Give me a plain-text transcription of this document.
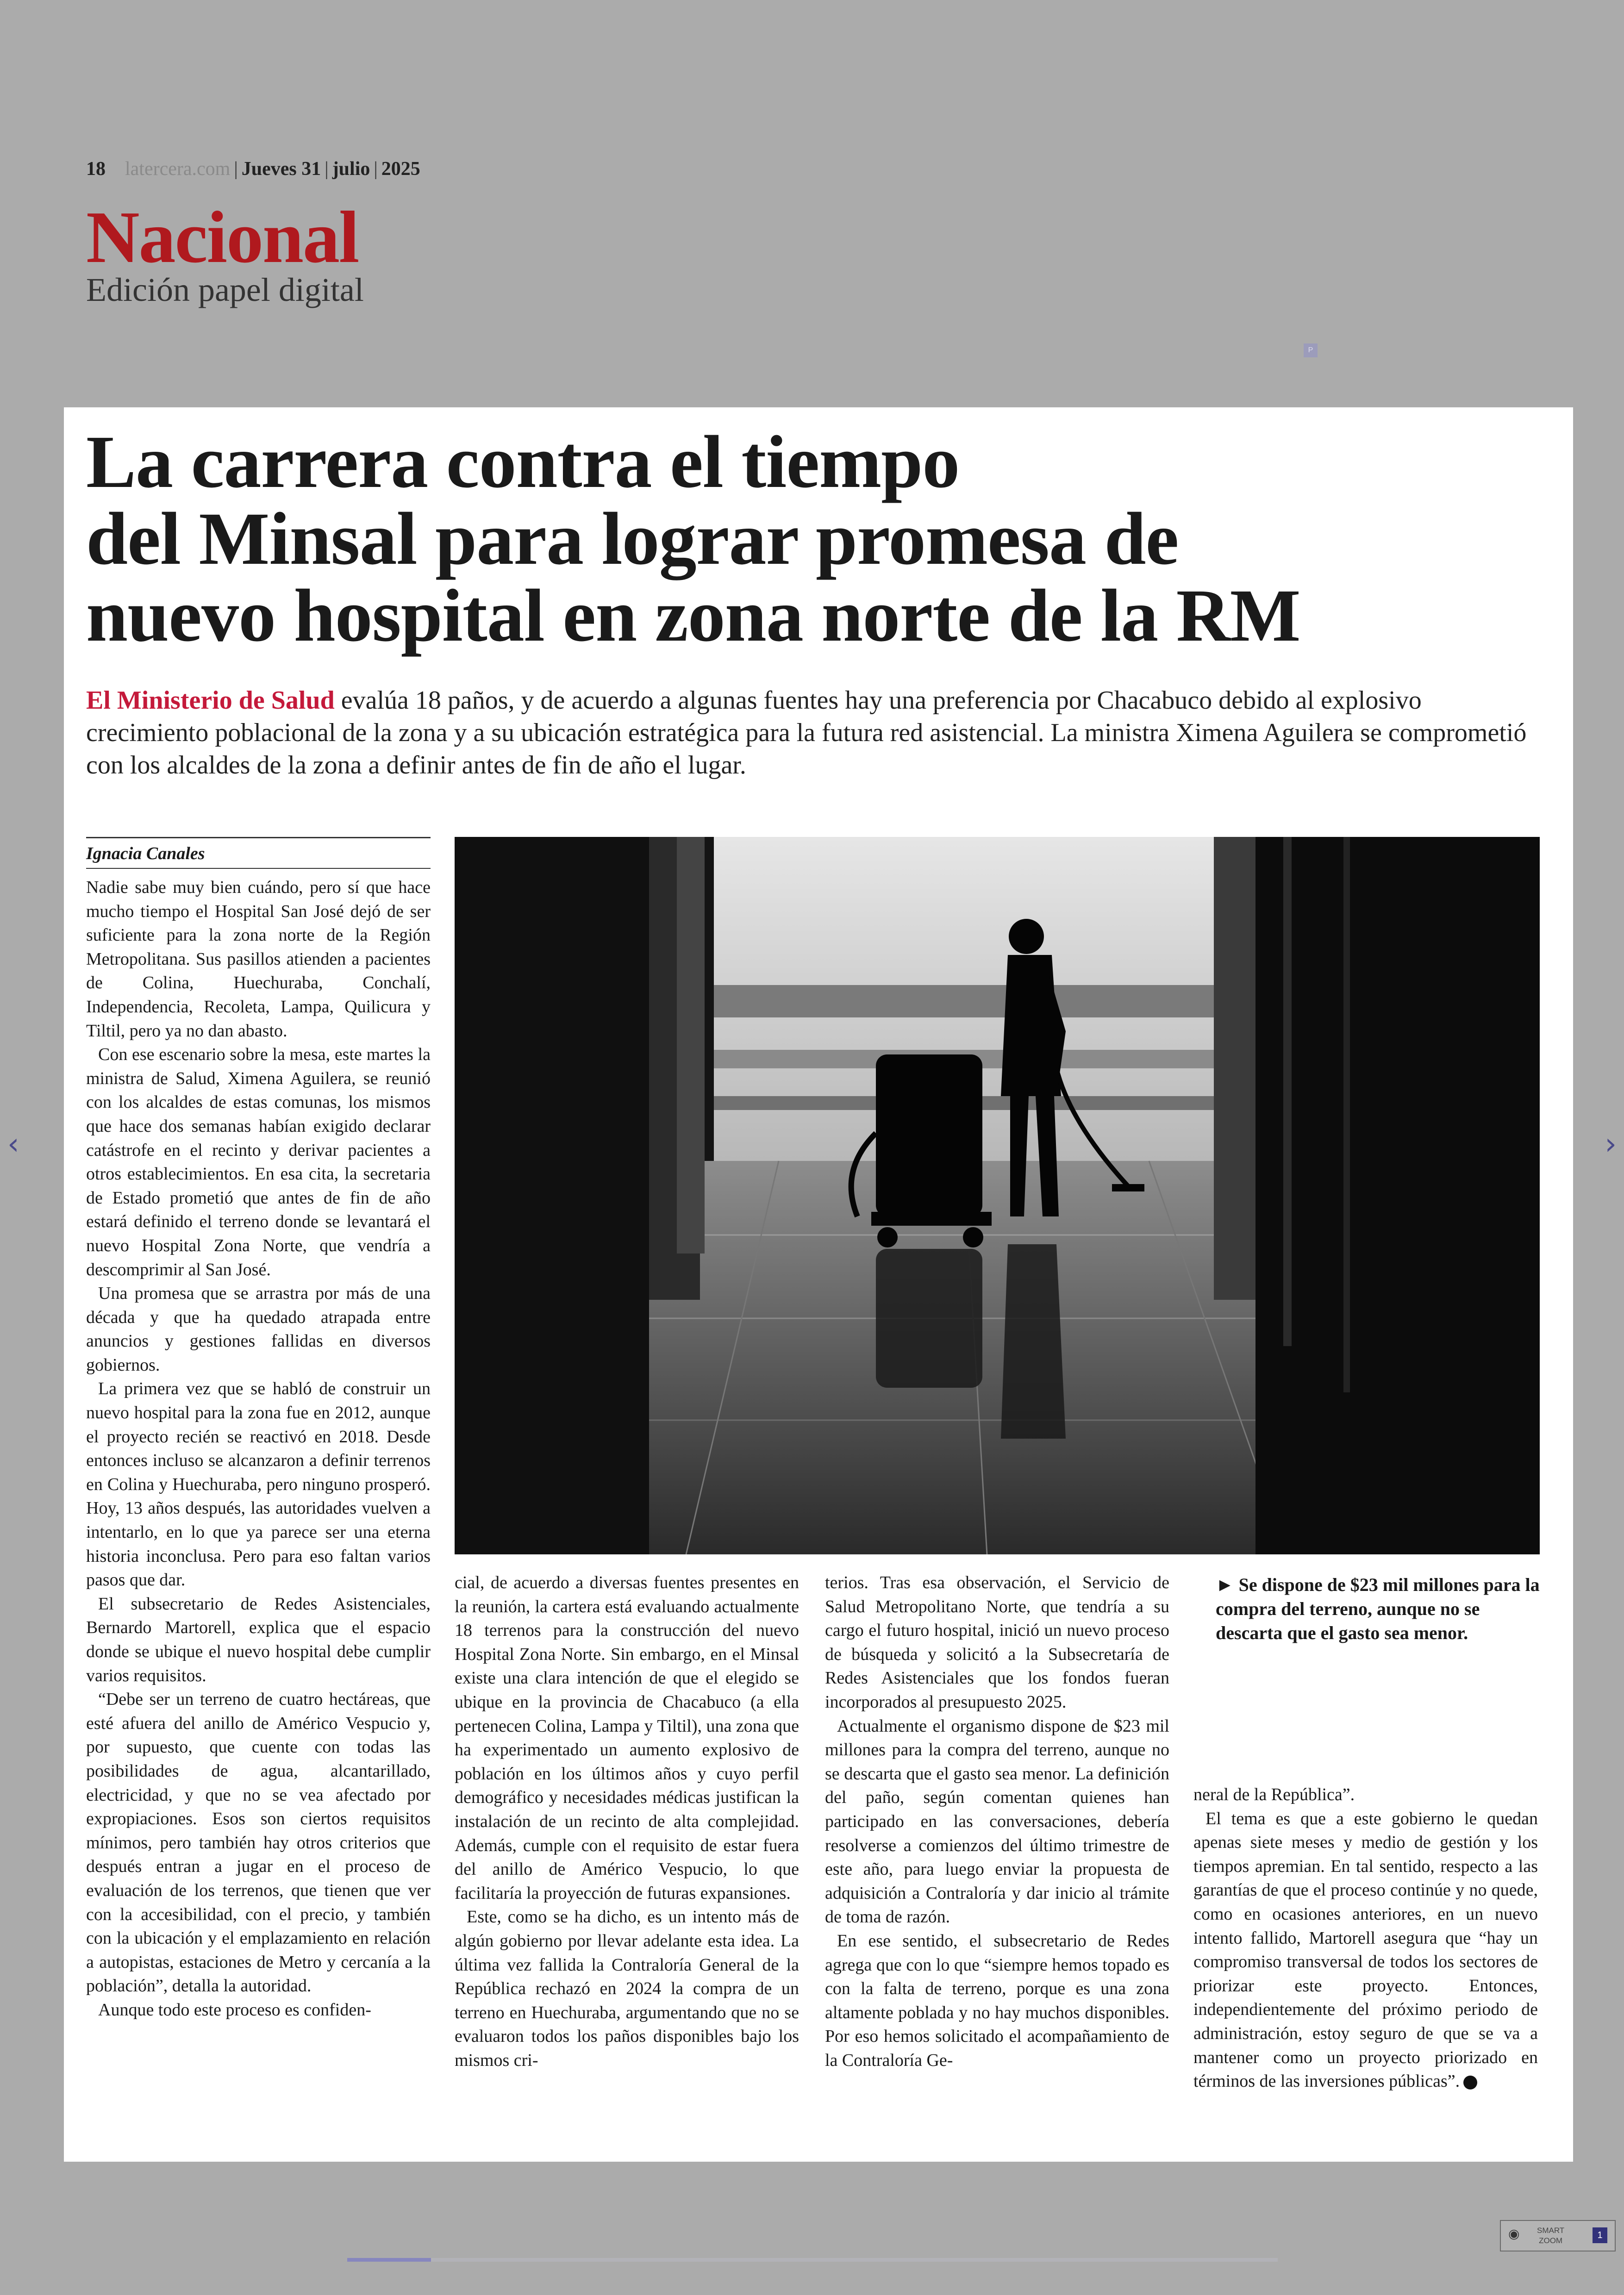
18 latercera.com | Jueves 31 | julio | 2025
Nacional
Edición papel digital
P
‹	›
La carrera contra el tiempo
del Minsal para lograr promesa de
nuevo hospital en zona norte de la RM
El Ministerio de Salud evalúa 18 paños, y de acuerdo a algunas fuentes hay una preferencia por Chacabuco debido al explosivo crecimiento poblacional de la zona y a su ubicación estratégica para la futura red asistencial. La ministra Ximena Aguilera se comprometió con los alcaldes de la zona a definir antes de fin de año el lugar.
Ignacia Canales

Nadie sabe muy bien cuándo, pero sí que hace mucho tiempo el Hospital San José dejó de ser suficiente para la zona norte de la Región Metropolitana. Sus pasillos atienden a pacientes de Colina, Huechuraba, Conchalí, Independencia, Recoleta, Lampa, Quilicura y Tiltil, pero ya no dan abasto.

Con ese escenario sobre la mesa, este martes la ministra de Salud, Ximena Aguilera, se reunió con los alcaldes de estas comunas, los mismos que hace dos semanas habían exigido declarar catástrofe en el recinto y derivar pacientes a otros establecimientos. En esa cita, la secretaria de Estado prometió que antes de fin de año estará definido el terreno donde se levantará el nuevo Hospital Zona Norte, que vendría a descomprimir al San José.

Una promesa que se arrastra por más de una década y que ha quedado atrapada entre anuncios y gestiones fallidas en diversos gobiernos.

La primera vez que se habló de construir un nuevo hospital para la zona fue en 2012, aunque el proyecto recién se reactivó en 2018. Desde entonces incluso se alcanzaron a definir terrenos en Colina y Huechuraba, pero ninguno prosperó. Hoy, 13 años después, las autoridades vuelven a intentarlo, en lo que ya parece ser una eterna historia inconclusa. Pero para eso faltan varios pasos que dar.

El subsecretario de Redes Asistenciales, Bernardo Martorell, explica que el espacio donde se ubique el nuevo hospital debe cumplir varios requisitos.

“Debe ser un terreno de cuatro hectáreas, que esté afuera del anillo de Américo Vespucio y, por supuesto, que cuente con todas las posibilidades de agua, alcantarillado, electricidad, y que no se vea afectado por expropiaciones. Esos son ciertos requisitos mínimos, pero también hay otros criterios que después entran a jugar en el proceso de evaluación de los terrenos, que tienen que ver con la accesibilidad, con el precio, y también con la ubicación y el emplazamiento en relación a autopistas, estaciones de Metro y cercanía a la población”, detalla la autoridad.

Aunque todo este proceso es confiden-

cial, de acuerdo a diversas fuentes presentes en la reunión, la cartera está evaluando actualmente 18 terrenos para la construcción del nuevo Hospital Zona Norte. Sin embargo, en el Minsal existe una clara intención de que el elegido se ubique en la provincia de Chacabuco (a ella pertenecen Colina, Lampa y Tiltil), una zona que ha experimentado un aumento explosivo de población en los últimos años y cuyo perfil demográfico y necesidades médicas justifican la instalación de un recinto de alta complejidad. Además, cumple con el requisito de estar fuera del anillo de Américo Vespucio, lo que facilitaría la proyección de futuras expansiones.

Este, como se ha dicho, es un intento más de algún gobierno por llevar adelante esta idea. La última vez fallida la Contraloría General de la República rechazó en 2024 la compra de un terreno en Huechuraba, argumentando que no se evaluaron todos los paños disponibles bajo los mismos cri-

terios. Tras esa observación, el Servicio de Salud Metropolitano Norte, que tendría a su cargo el futuro hospital, inició un nuevo proceso de búsqueda y solicitó a la Subsecretaría de Redes Asistenciales que los fondos fueran incorporados al presupuesto 2025.

Actualmente el organismo dispone de $23 mil millones para la compra del terreno, aunque no se descarta que el gasto sea menor. La definición del paño, según comentan quienes han participado en las conversaciones, debería resolverse a comienzos del último trimestre de este año, para luego enviar la propuesta de adquisición a Contraloría y dar inicio al trámite de toma de razón.

En ese sentido, el subsecretario de Redes agrega que con lo que “siempre hemos topado es con la falta de terreno, porque es una zona altamente poblada y no hay muchos disponibles. Por eso hemos solicitado el acompañamiento de la Contraloría Ge-

► Se dispone de $23 mil millones para la compra del terreno, aunque no se descarta que el gasto sea menor.

neral de la República”.

El tema es que a este gobierno le quedan apenas siete meses y medio de gestión y los tiempos apremian. En tal sentido, respecto a las garantías de que el proceso continúe y no quede, como en ocasiones anteriores, en un nuevo intento fallido, Martorell asegura que “hay un compromiso transversal de todos los sectores de priorizar este proyecto. Entonces, independientemente del próximo periodo de administración, estoy seguro de que se va a mantener como un proyecto priorizado en términos de las inversiones públicas”.

◉ SMART
ZOOM
1
